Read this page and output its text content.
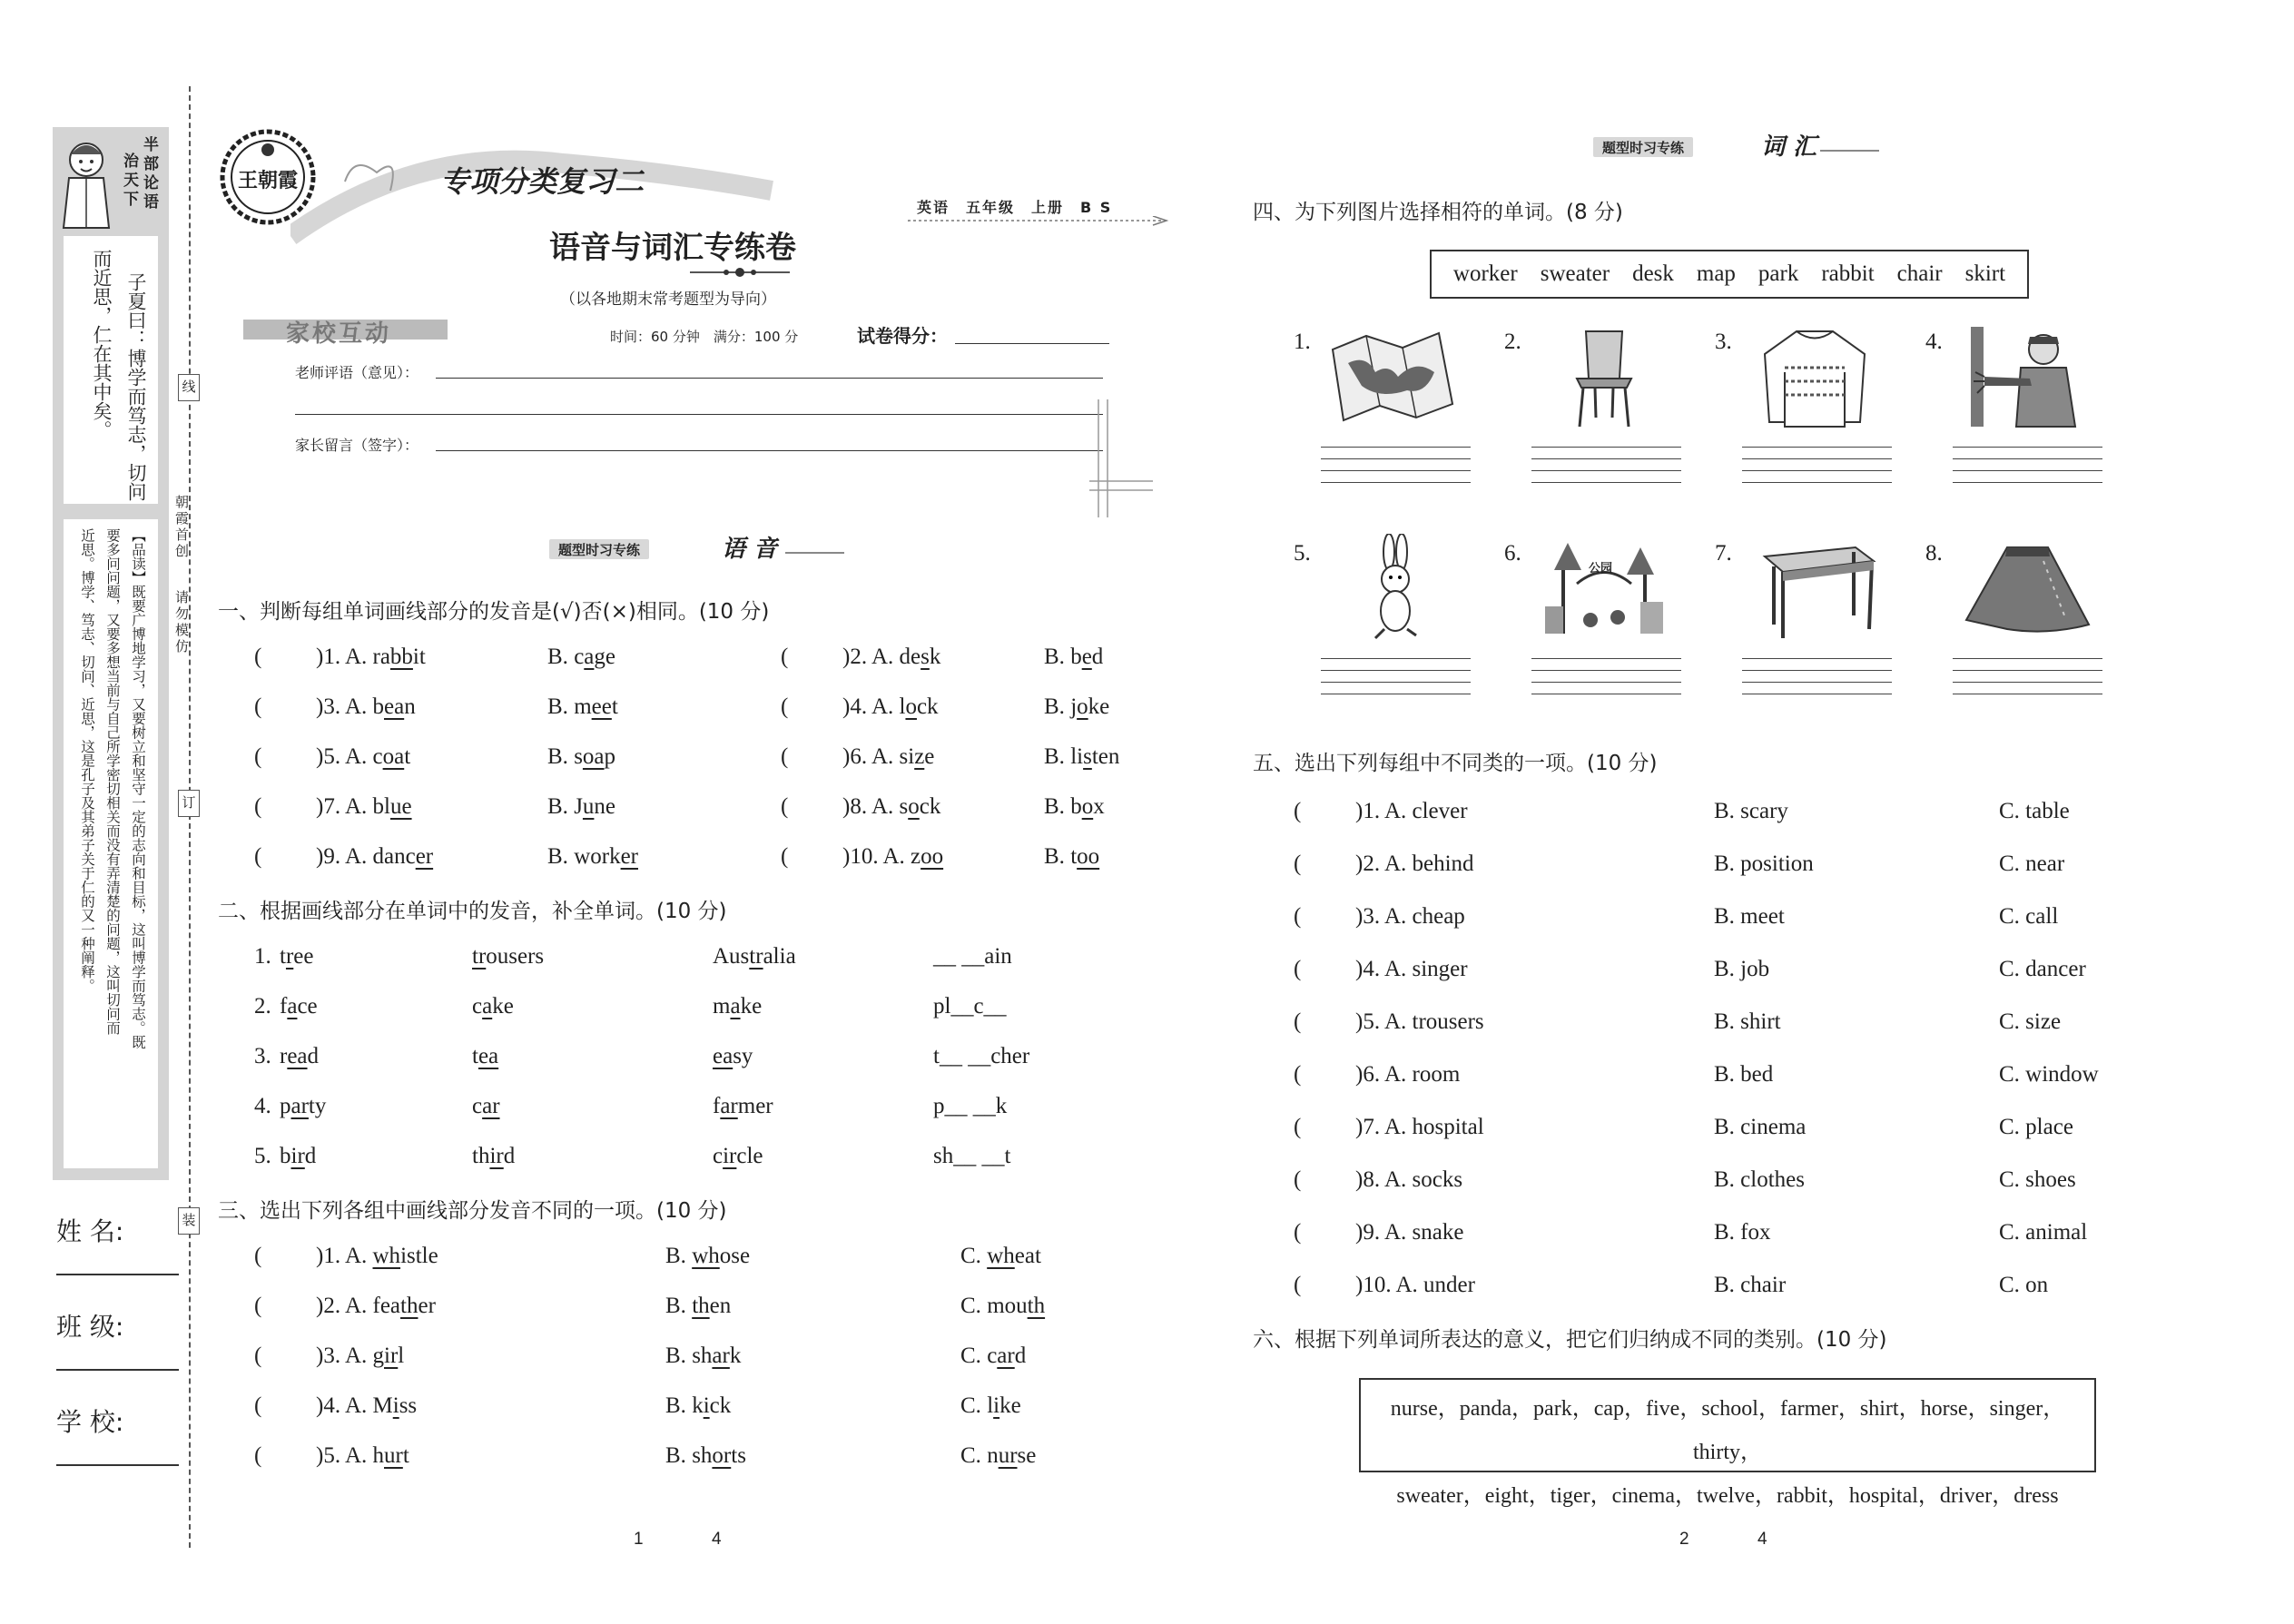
半部论语
治天下
子夏曰：博学而笃志，切问
而近思，仁在其中矣。
【品读】既要广博地学习，又要树立和坚守一定的志向和目标，这叫博学而笃志。既
要多问问题，又要多想当前与自己所学密切相关而没有弄清楚的问题，这叫切问而
近思。博学、笃志、切问、近思，这是孔子及其弟子关于仁的又一种阐释。
线
订
装
朝霞首创
请勿模仿
姓 名:
班 级:
学 校:
王朝霞	专项分类复习二
英语　五年级　上册　B S
语音与词汇专练卷
（以各地期末常考题型为导向）
家校互动	时间：60 分钟　满分：100 分	试卷得分：
老师评语（意见）：
家长留言（签字）：
题型时习专练	语 音
一、判断每组单词画线部分的发音是(√)否(×)相同。(10 分)
( )1. A. rabbit	B. cage	( )2. A. desk	B. bed
( )3. A. bean	B. meet	( )4. A. lock	B. joke
( )5. A. coat	B. soap	( )6. A. size	B. listen
( )7. A. blue	B. June	( )8. A. sock	B. box
( )9. A. dancer	B. worker	( )10. A. zoo	B. too
二、根据画线部分在单词中的发音，补全单词。(10 分)
1. tree	trousers	Australia	__ __ain
2. face	cake	make	pl__c__
3. read	tea	easy	t__ __cher
4. party	car	farmer	p__ __k
5. bird	third	circle	sh__ __t
三、选出下列各组中画线部分发音不同的一项。(10 分)
( )1. A. whistle	B. whose	C. wheat
( )2. A. feather	B. then	C. mouth
( )3. A. girl	B. shark	C. card
( )4. A. Miss	B. kick	C. like
( )5. A. hurt	B. shorts	C. nurse
1	4
题型时习专练	词 汇
四、为下列图片选择相符的单词。(8 分)
worker　sweater　desk　map　park　rabbit　chair　skirt
1.	2.	3.	4.
5.	6.
公园
7.	8.
五、选出下列每组中不同类的一项。(10 分)
( )1. A. clever	B. scary	C. table
( )2. A. behind	B. position	C. near
( )3. A. cheap	B. meet	C. call
( )4. A. singer	B. job	C. dancer
( )5. A. trousers	B. shirt	C. size
( )6. A. room	B. bed	C. window
( )7. A. hospital	B. cinema	C. place
( )8. A. socks	B. clothes	C. shoes
( )9. A. snake	B. fox	C. animal
( )10. A. under	B. chair	C. on
六、根据下列单词所表达的意义，把它们归纳成不同的类别。(10 分)
nurse，panda，park，cap，five，school，farmer，shirt，horse，singer，thirty，
sweater，eight，tiger，cinema，twelve，rabbit，hospital，driver，dress
2	4
